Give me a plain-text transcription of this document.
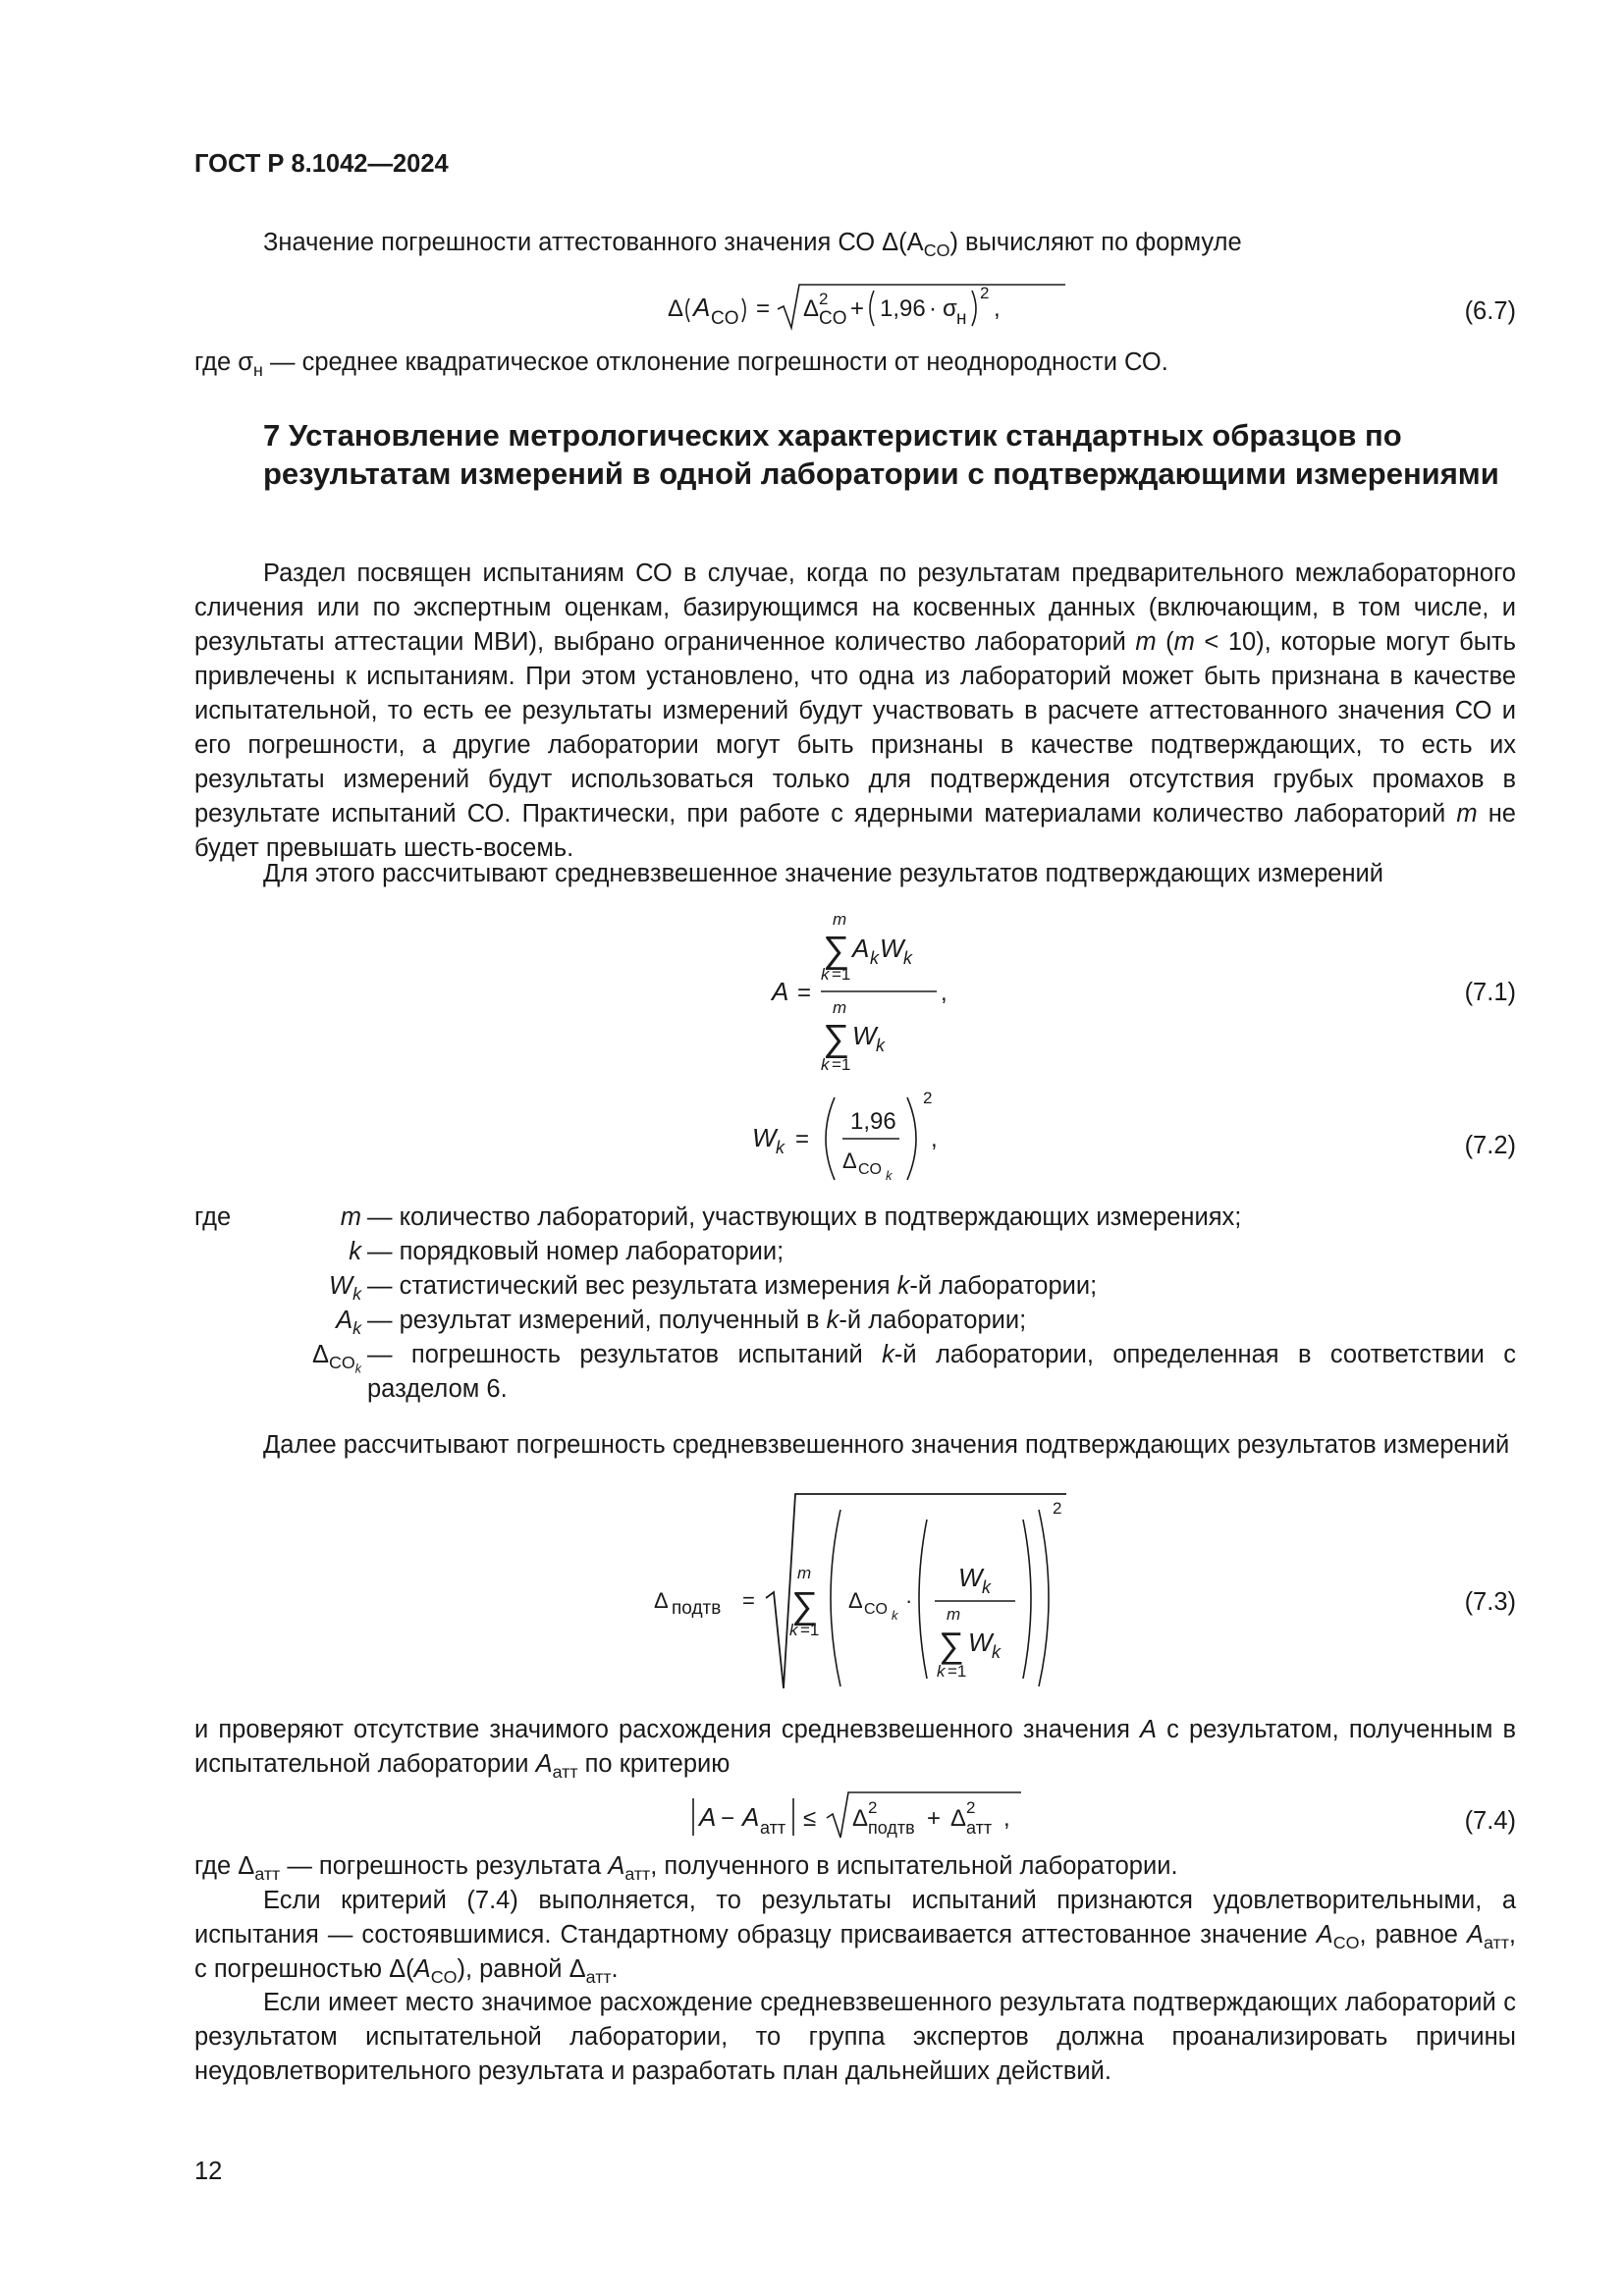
ГОСТ Р 8.1042—2024
Значение погрешности аттестованного значения СО $\Delta(A_{CO})$ вычисляют по формуле
Δ A CO = Δ 2
CO + 1,96 · σ н
2
,	(6.7)
где $\sigma_н$ — среднее квадратическое отклонение погрешности от неоднородности СО.
7 Установление метрологических характеристик стандартных образцов по результатам измерений в одной лаборатории с подтверждающими измерениями
Раздел посвящен испытаниям СО в случае, когда по результатам предварительного межлабораторного сличения или по экспертным оценкам, базирующимся на косвенных данных (включающим, в том числе, и результаты аттестации МВИ), выбрано ограниченное количество лабораторий m (m < 10), которые могут быть привлечены к испытаниям. При этом установлено, что одна из лабораторий может быть признана в качестве испытательной, то есть ее результаты измерений будут участвовать в расчете аттестованного значения СО и его погрешности, а другие лаборатории могут быть признаны в качестве подтверждающих, то есть их результаты измерений будут использоваться только для подтверждения отсутствия грубых промахов в результате испытаний СО. Практически, при работе с ядерными материалами количество лабораторий m не будет превышать шесть-восемь.
Для этого рассчитывают средневзвешенное значение результатов подтверждающих измерений
A =
m
∑
k =1
A k W k
,
m
∑
k =1
W k
(7.1)
W k =
1,96
Δ CO k
2
,	(7.2)
где	m — количество лабораторий, участвующих в подтверждающих измерениях;
k — порядковый номер лаборатории;
$W_k$ — статистический вес результата измерения k-й лаборатории;
$A_k$ — результат измерений, полученный в k-й лаборатории;
$\Delta_{CO_k}$
— погрешность результатов испытаний k-й лаборатории, определенная в соответствии с разделом 6.
Далее рассчитывают погрешность средневзвешенного значения подтверждающих результатов измерений
Δ подтв =
m
∑
k =1
Δ CO k
·
W k
m
∑
k =1
W k
2
(7.3)
и проверяют отсутствие значимого расхождения средневзвешенного значения A с результатом, полученным в испытательной лаборатории $A_{атт}$ по критерию
A − A атт ≤ Δ 2
подтв + Δ 2
атт ,	(7.4)
где $\Delta_{атт}$ — погрешность результата $A_{атт}$, полученного в испытательной лаборатории.
Если критерий (7.4) выполняется, то результаты испытаний признаются удовлетворительными, а испытания — состоявшимися. Стандартному образцу присваивается аттестованное значение $A_{CO}$, равное $A_{атт}$, с погрешностью $\Delta(A_{CO})$, равной $\Delta_{атт}$.
Если имеет место значимое расхождение средневзвешенного результата подтверждающих лабораторий с результатом испытательной лаборатории, то группа экспертов должна проанализировать причины неудовлетворительного результата и разработать план дальнейших действий.
12
